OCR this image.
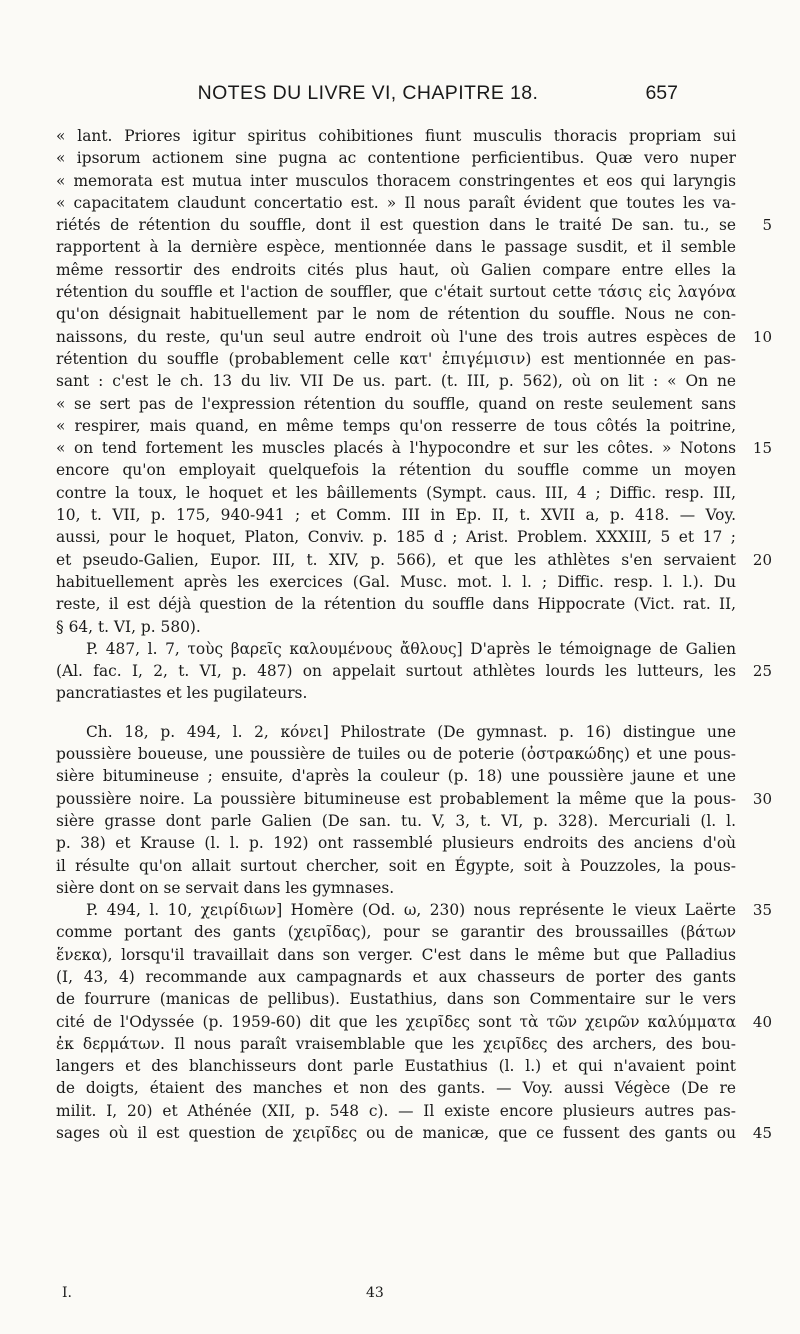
NOTES DU LIVRE VI, CHAPITRE 18.	657
« lant. Priores igitur spiritus cohibitiones fiunt musculis thoracis propriam sui
« ipsorum actionem sine pugna ac contentione perficientibus. Quæ vero nuper
« memorata est mutua inter musculos thoracem constringentes et eos qui laryngis
« capacitatem claudunt concertatio est. » Il nous paraît évident que toutes les va-
riétés de rétention du souffle, dont il est question dans le traité De san. tu., se	5
rapportent à la dernière espèce, mentionnée dans le passage susdit, et il semble
même ressortir des endroits cités plus haut, où Galien compare entre elles la
rétention du souffle et l'action de souffler, que c'était surtout cette τάσις εἰς λαγόνα
qu'on désignait habituellement par le nom de rétention du souffle. Nous ne con-
naissons, du reste, qu'un seul autre endroit où l'une des trois autres espèces de 10
rétention du souffle (probablement celle κατ' ἐπιγέμισιν) est mentionnée en pas-
sant : c'est le ch. 13 du liv. VII De us. part. (t. III, p. 562), où on lit : « On ne
« se sert pas de l'expression rétention du souffle, quand on reste seulement sans
« respirer, mais quand, en même temps qu'on resserre de tous côtés la poitrine,
« on tend fortement les muscles placés à l'hypocondre et sur les côtes. » Notons 15
encore qu'on employait quelquefois la rétention du souffle comme un moyen
contre la toux, le hoquet et les bâillements (Sympt. caus. III, 4 ; Diffic. resp. III,
10, t. VII, p. 175, 940-941 ; et Comm. III in Ep. II, t. XVII a, p. 418. — Voy.
aussi, pour le hoquet, Platon, Conviv. p. 185 d ; Arist. Problem. XXXIII, 5 et 17 ;
et pseudo-Galien, Eupor. III, t. XIV, p. 566), et que les athlètes s'en servaient 20
habituellement après les exercices (Gal. Musc. mot. l. l. ; Diffic. resp. l. l.). Du
reste, il est déjà question de la rétention du souffle dans Hippocrate (Vict. rat. II,
§ 64, t. VI, p. 580).
P. 487, l. 7, τοὺς βαρεῖς καλουμένους ἄθλους] D'après le témoignage de Galien
(Al. fac. I, 2, t. VI, p. 487) on appelait surtout athlètes lourds les lutteurs, les 25
pancratiastes et les pugilateurs.
Ch. 18, p. 494, l. 2, κόνει] Philostrate (De gymnast. p. 16) distingue une
poussière boueuse, une poussière de tuiles ou de poterie (ὀστρακώδης) et une pous-
sière bitumineuse ; ensuite, d'après la couleur (p. 18) une poussière jaune et une
poussière noire. La poussière bitumineuse est probablement la même que la pous- 30
sière grasse dont parle Galien (De san. tu. V, 3, t. VI, p. 328). Mercuriali (l. l.
p. 38) et Krause (l. l. p. 192) ont rassemblé plusieurs endroits des anciens d'où
il résulte qu'on allait surtout chercher, soit en Égypte, soit à Pouzzoles, la pous-
sière dont on se servait dans les gymnases.
P. 494, l. 10, χειρίδιων] Homère (Od. ω, 230) nous représente le vieux Laërte 35
comme portant des gants (χειρῖδας), pour se garantir des broussailles (βάτων
ἕνεκα), lorsqu'il travaillait dans son verger. C'est dans le même but que Palladius
(I, 43, 4) recommande aux campagnards et aux chasseurs de porter des gants
de fourrure (manicas de pellibus). Eustathius, dans son Commentaire sur le vers
cité de l'Odyssée (p. 1959-60) dit que les χειρῖδες sont τὰ τῶν χειρῶν καλύμματα 40
ἐκ δερμάτων. Il nous paraît vraisemblable que les χειρῖδες des archers, des bou-
langers et des blanchisseurs dont parle Eustathius (l. l.) et qui n'avaient point
de doigts, étaient des manches et non des gants. — Voy. aussi Végèce (De re
milit. I, 20) et Athénée (XII, p. 548 c). — Il existe encore plusieurs autres pas-
sages où il est question de χειρῖδες ou de manicæ, que ce fussent des gants ou 45
I.	43
